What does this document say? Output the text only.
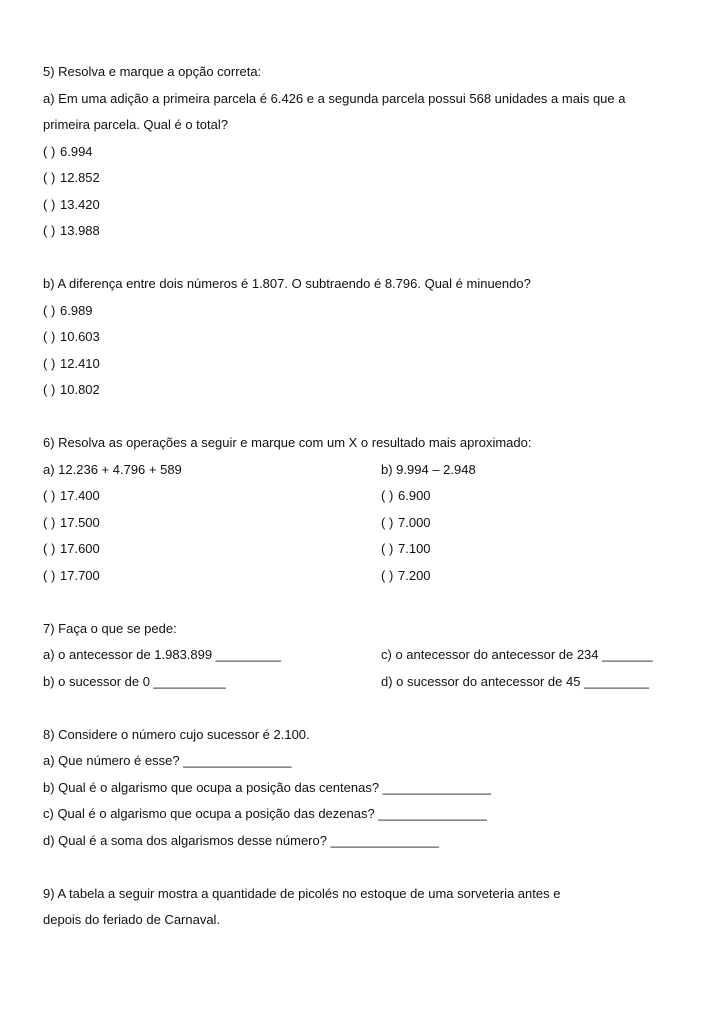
5) Resolva e marque a opção correta:
a) Em uma adição a primeira parcela é 6.426 e a segunda parcela possui 568 unidades a mais que a
primeira parcela. Qual é o total?
( ) 6.994
( ) 12.852
( ) 13.420
( ) 13.988
b) A diferença entre dois números é 1.807. O subtraendo é 8.796. Qual é minuendo?
( ) 6.989
( ) 10.603
( ) 12.410
( ) 10.802
6) Resolva as operações a seguir e marque com um X o resultado mais aproximado:
a) 12.236 + 4.796 + 589	b) 9.994 – 2.948
( ) 17.400	( ) 6.900
( ) 17.500	( ) 7.000
( ) 17.600	( ) 7.100
( ) 17.700	( ) 7.200
7) Faça o que se pede:
a) o antecessor de 1.983.899 _________	c) o antecessor do antecessor de 234 _______
b) o sucessor de 0 __________	d) o sucessor do antecessor de 45 _________
8) Considere o número cujo sucessor é 2.100.
a) Que número é esse? _______________
b) Qual é o algarismo que ocupa a posição das centenas? _______________
c) Qual é o algarismo que ocupa a posição das dezenas? _______________
d) Qual é a soma dos algarismos desse número? _______________
9) A tabela a seguir mostra a quantidade de picolés no estoque de uma sorveteria antes e
depois do feriado de Carnaval.
